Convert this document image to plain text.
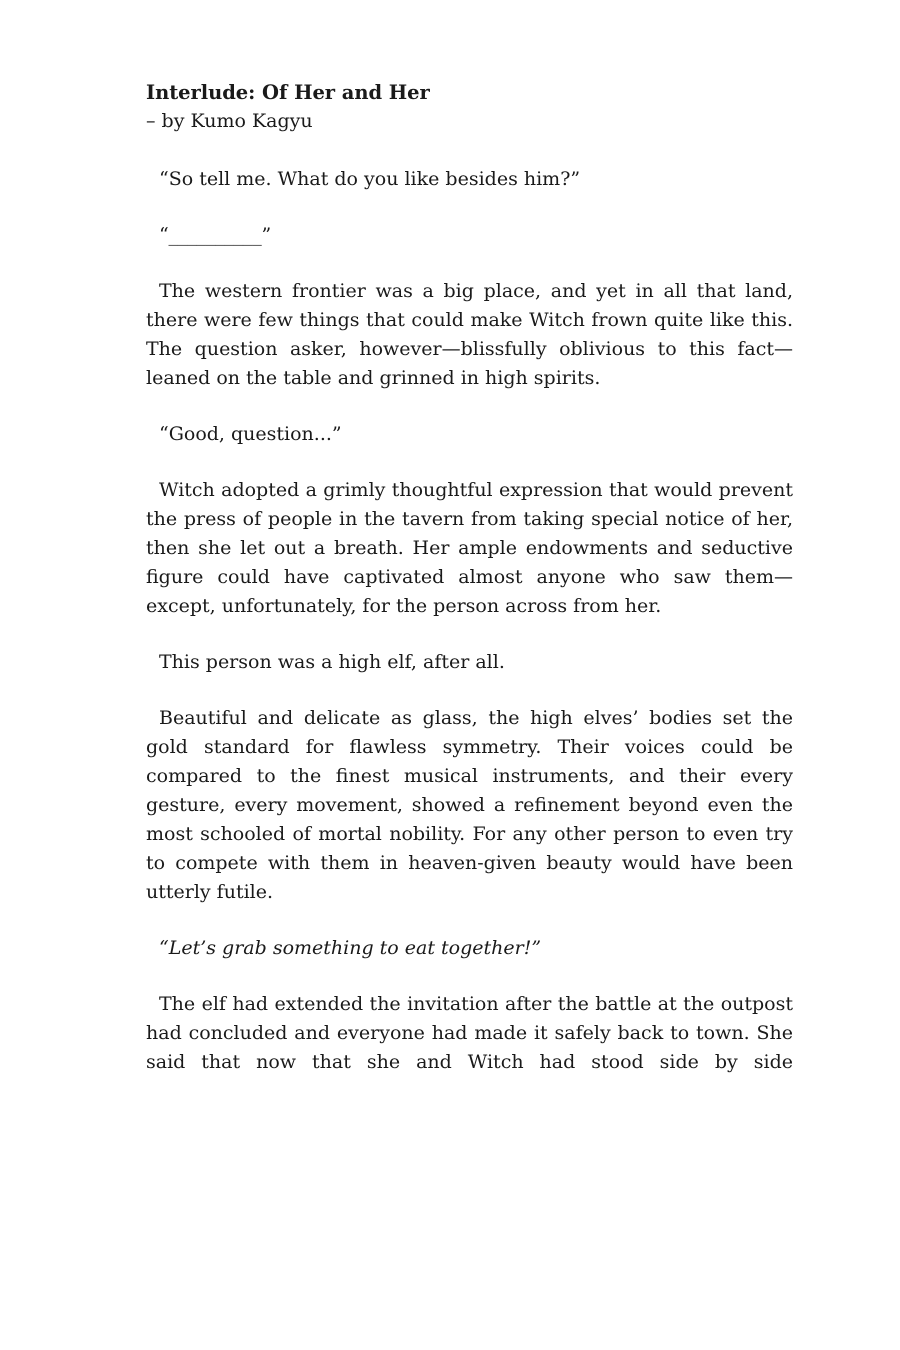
Interlude: Of Her and Her
– by Kumo Kagyu

“So tell me. What do you like besides him?”

“__________”

The western frontier was a big place, and yet in all that land, there were few things that could make Witch frown quite like this. The question asker, however—blissfully oblivious to this fact—leaned on the table and grinned in high spirits.

“Good, question...”

Witch adopted a grimly thoughtful expression that would prevent the press of people in the tavern from taking special notice of her, then she let out a breath. Her ample endowments and seductive figure could have captivated almost anyone who saw them—except, unfortunately, for the person across from her.

This person was a high elf, after all.

Beautiful and delicate as glass, the high elves’ bodies set the gold standard for flawless symmetry. Their voices could be compared to the finest musical instruments, and their every gesture, every movement, showed a refinement beyond even the most schooled of mortal nobility. For any other person to even try to compete with them in heaven-given beauty would have been utterly futile.

“Let’s grab something to eat together!”

The elf had extended the invitation after the battle at the outpost had concluded and everyone had made it safely back to town. She said that now that she and Witch had stood side by side
